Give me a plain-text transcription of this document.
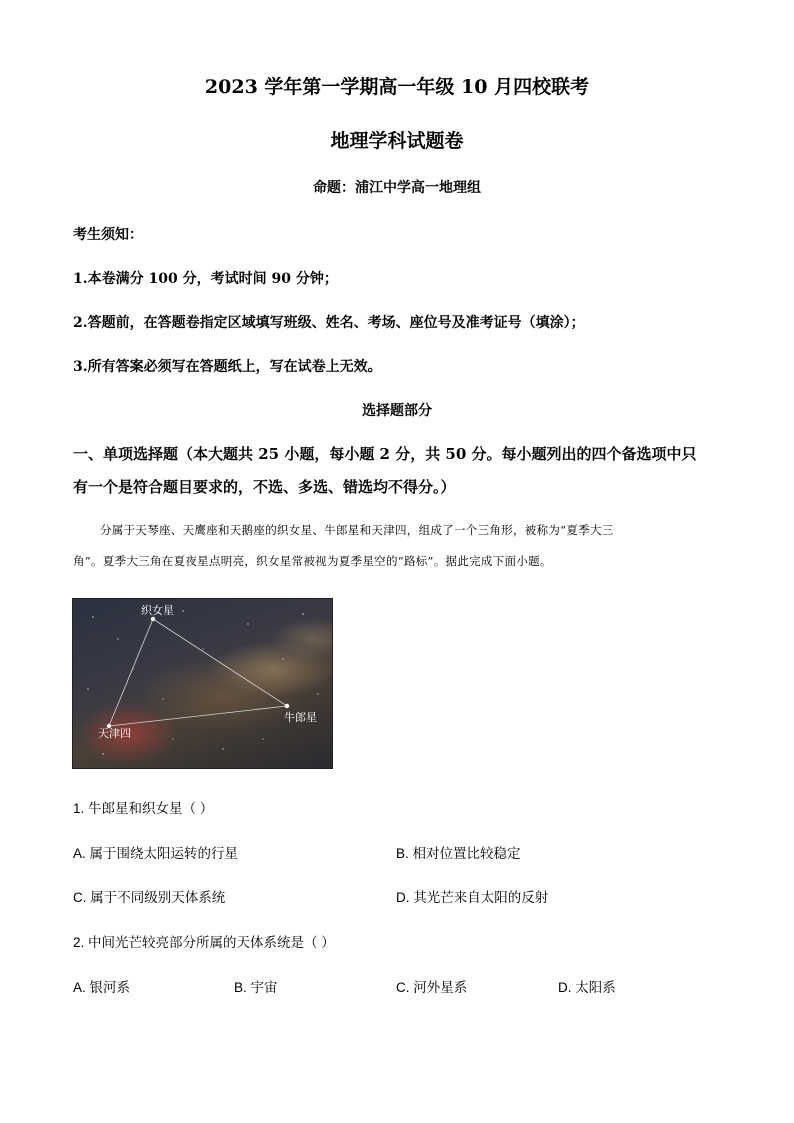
2023 学年第一学期高一年级 10 月四校联考
地理学科试题卷
命题：浦江中学高一地理组
考生须知：
1.本卷满分 100 分，考试时间 90 分钟；
2.答题前，在答题卷指定区域填写班级、姓名、考场、座位号及准考证号（填涂）；
3.所有答案必须写在答题纸上，写在试卷上无效。
选择题部分
一、单项选择题（本大题共 25 小题，每小题 2 分，共 50 分。每小题列出的四个备选项中只
有一个是符合题目要求的，不选、多选、错选均不得分。）
分属于天琴座、天鹰座和天鹅座的织女星、牛郎星和天津四，组成了一个三角形，被称为“夏季大三
角”。夏季大三角在夏夜星点明亮，织女星常被视为夏季星空的“路标”。据此完成下面小题。
织女星
牛郎星
天津四
1. 牛郎星和织女星（ ）
A. 属于围绕太阳运转的行星	B. 相对位置比较稳定
C. 属于不同级别天体系统	D. 其光芒来自太阳的反射
2. 中间光芒较亮部分所属的天体系统是（ ）
A. 银河系	B. 宇宙	C. 河外星系	D. 太阳系
